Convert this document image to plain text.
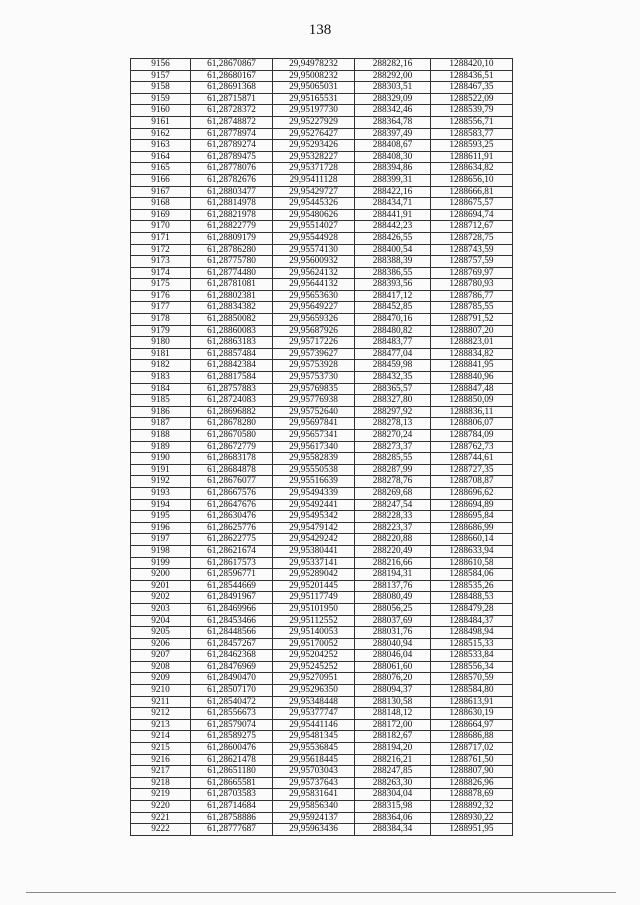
138
9156	61,28670867	29,94978232	288282,16	1288420,10
9157	61,28680167	29,95008232	288292,00	1288436,51
9158	61,28691368	29,95065031	288303,51	1288467,35
9159	61,28715871	29,95165531	288329,09	1288522,09
9160	61,28728372	29,95197730	288342,46	1288539,79
9161	61,28748872	29,95227929	288364,78	1288556,71
9162	61,28778974	29,95276427	288397,49	1288583,77
9163	61,28789274	29,95293426	288408,67	1288593,25
9164	61,28789475	29,95328227	288408,30	1288611,91
9165	61,28778076	29,95371728	288394,86	1288634,82
9166	61,28782676	29,95411128	288399,31	1288656,10
9167	61,28803477	29,95429727	288422,16	1288666,81
9168	61,28814978	29,95445326	288434,71	1288675,57
9169	61,28821978	29,95480626	288441,91	1288694,74
9170	61,28822779	29,95514027	288442,23	1288712,67
9171	61,28809179	29,95544928	288426,55	1288728,75
9172	61,28786280	29,95574130	288400,54	1288743,59
9173	61,28775780	29,95600932	288388,39	1288757,59
9174	61,28774480	29,95624132	288386,55	1288769,97
9175	61,28781081	29,95644132	288393,56	1288780,93
9176	61,28802381	29,95653630	288417,12	1288786,77
9177	61,28834382	29,95649227	288452,85	1288785,55
9178	61,28850082	29,95659326	288470,16	1288791,52
9179	61,28860083	29,95687926	288480,82	1288807,20
9180	61,28863183	29,95717226	288483,77	1288823,01
9181	61,28857484	29,95739627	288477,04	1288834,82
9182	61,28842384	29,95753928	288459,98	1288841,95
9183	61,28817584	29,95753730	288432,35	1288840,96
9184	61,28757883	29,95769835	288365,57	1288847,48
9185	61,28724083	29,95776938	288327,80	1288850,09
9186	61,28696882	29,95752640	288297,92	1288836,11
9187	61,28678280	29,95697841	288278,13	1288806,07
9188	61,28670580	29,95657341	288270,24	1288784,09
9189	61,28672779	29,95617340	288273,37	1288762,73
9190	61,28683178	29,95582839	288285,55	1288744,61
9191	61,28684878	29,95550538	288287,99	1288727,35
9192	61,28676077	29,95516639	288278,76	1288708,87
9193	61,28667576	29,95494339	288269,68	1288696,62
9194	61,28647676	29,95492441	288247,54	1288694,89
9195	61,28630476	29,95495342	288228,33	1288695,84
9196	61,28625776	29,95479142	288223,37	1288686,99
9197	61,28622775	29,95429242	288220,88	1288660,14
9198	61,28621674	29,95380441	288220,49	1288633,94
9199	61,28617573	29,95337141	288216,66	1288610,58
9200	61,28596771	29,95289042	288194,31	1288584,06
9201	61,28544669	29,95201445	288137,76	1288535,26
9202	61,28491967	29,95117749	288080,49	1288488,53
9203	61,28469966	29,95101950	288056,25	1288479,28
9204	61,28453466	29,95112552	288037,69	1288484,37
9205	61,28448566	29,95140053	288031,76	1288498,94
9206	61,28457267	29,95170052	288040,94	1288515,33
9207	61,28462368	29,95204252	288046,04	1288533,84
9208	61,28476969	29,95245252	288061,60	1288556,34
9209	61,28490470	29,95270951	288076,20	1288570,59
9210	61,28507170	29,95296350	288094,37	1288584,80
9211	61,28540472	29,95348448	288130,58	1288613,91
9212	61,28556673	29,95377747	288148,12	1288630,19
9213	61,28579074	29,95441146	288172,00	1288664,97
9214	61,28589275	29,95481345	288182,67	1288686,88
9215	61,28600476	29,95536845	288194,20	1288717,02
9216	61,28621478	29,95618445	288216,21	1288761,50
9217	61,28651180	29,95703043	288247,85	1288807,90
9218	61,28665581	29,95737643	288263,30	1288826,96
9219	61,28703583	29,95831641	288304,04	1288878,69
9220	61,28714684	29,95856340	288315,98	1288892,32
9221	61,28758886	29,95924137	288364,06	1288930,22
9222	61,28777687	29,95963436	288384,34	1288951,95
